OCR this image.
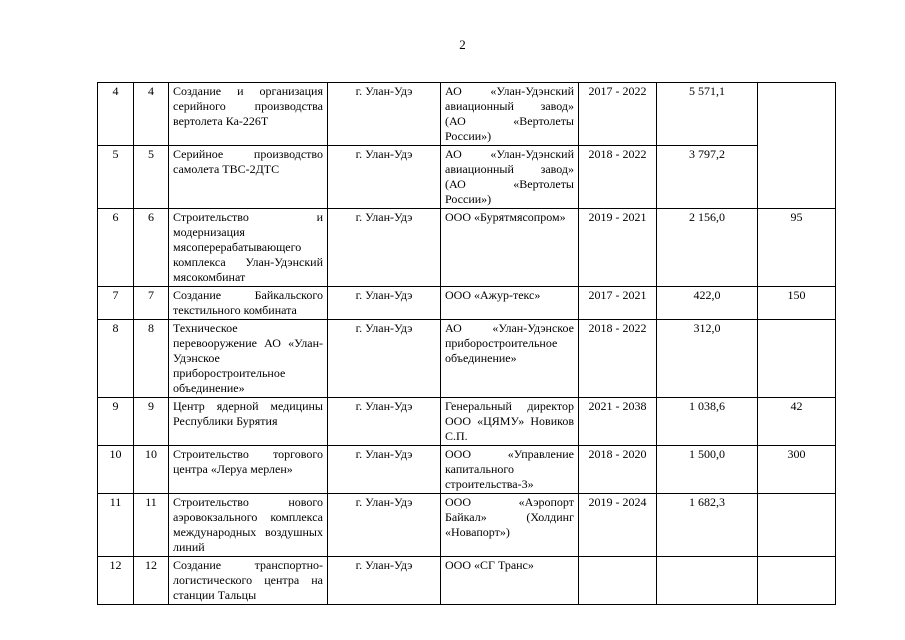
2
4	4	Создание и организация серийного производства вертолета Ка-226Т	г. Улан-Удэ	АО «Улан-Удэнский авиационный завод» (АО «Вертолеты России»)	2017 - 2022	5 571,1	
5	5	Серийное производство самолета ТВС-2ДТС	г. Улан-Удэ	АО «Улан-Удэнский авиационный завод» (АО «Вертолеты России»)	2018 - 2022	3 797,2	
6	6	Строительство и модернизация мясоперерабатывающего комплекса Улан-Удэнский мясокомбинат	г. Улан-Удэ	ООО «Бурятмясопром»	2019 - 2021	2 156,0	95
7	7	Создание Байкальского текстильного комбината	г. Улан-Удэ	ООО «Ажур-текс»	2017 - 2021	422,0	150
8	8	Техническое перевооружение АО «Улан-Удэнское приборостроительное объединение»	г. Улан-Удэ	АО «Улан-Удэнское приборостроительное объединение»	2018 - 2022	312,0	
9	9	Центр ядерной медицины Республики Бурятия	г. Улан-Удэ	Генеральный директор ООО «ЦЯМУ» Новиков С.П.	2021 - 2038	1 038,6	42
10	10	Строительство торгового центра «Леруа мерлен»	г. Улан-Удэ	ООО «Управление капитального строительства-3»	2018 - 2020	1 500,0	300
11	11	Строительство нового аэровокзального комплекса международных воздушных линий	г. Улан-Удэ	ООО «Аэропорт Байкал» (Холдинг «Новапорт»)	2019 - 2024	1 682,3	
12	12	Создание транспортно-логистического центра на станции Тальцы	г. Улан-Удэ	ООО «СГ Транс»			
